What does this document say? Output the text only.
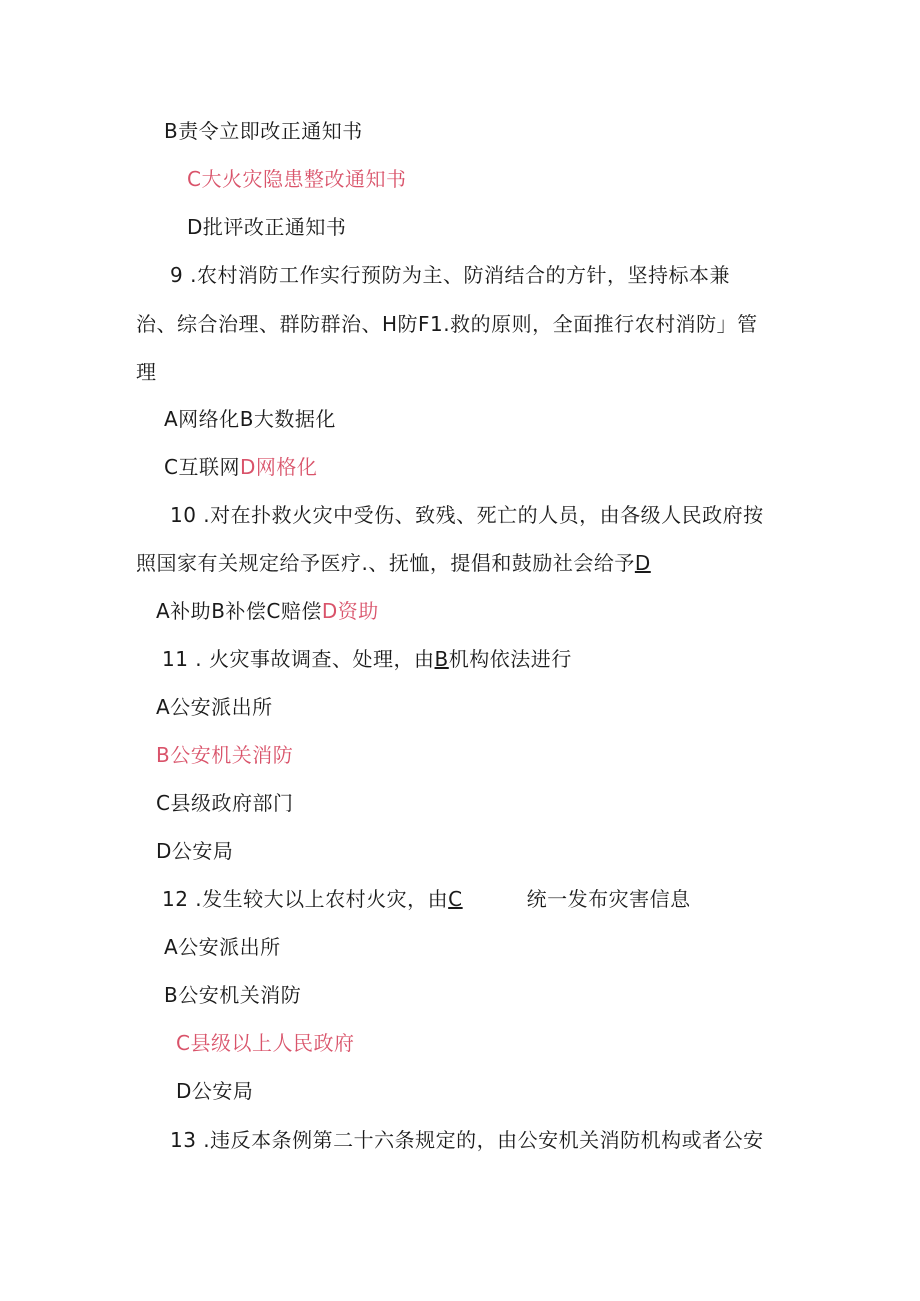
B责令立即改正通知书
C大火灾隐患整改通知书
D批评改正通知书
9 .农村消防工作实行预防为主、防消结合的方针，坚持标本兼
治、综合治理、群防群治、H防F1.救的原则，全面推行农村消防」管
理
A网络化B大数据化
C互联网D网格化
10 .对在扑救火灾中受伤、致残、死亡的人员，由各级人民政府按
照国家有关规定给予医疗.、抚恤，提倡和鼓励社会给予D
A补助B补偿C赔偿D资助
11 . 火灾事故调查、处理，由B机构依法进行
A公安派出所
B公安机关消防
C县级政府部门
D公安局
12 .发生较大以上农村火灾，由C	统一发布灾害信息
A公安派出所
B公安机关消防
C县级以上人民政府
D公安局
13 .违反本条例第二十六条规定的，由公安机关消防机构或者公安
